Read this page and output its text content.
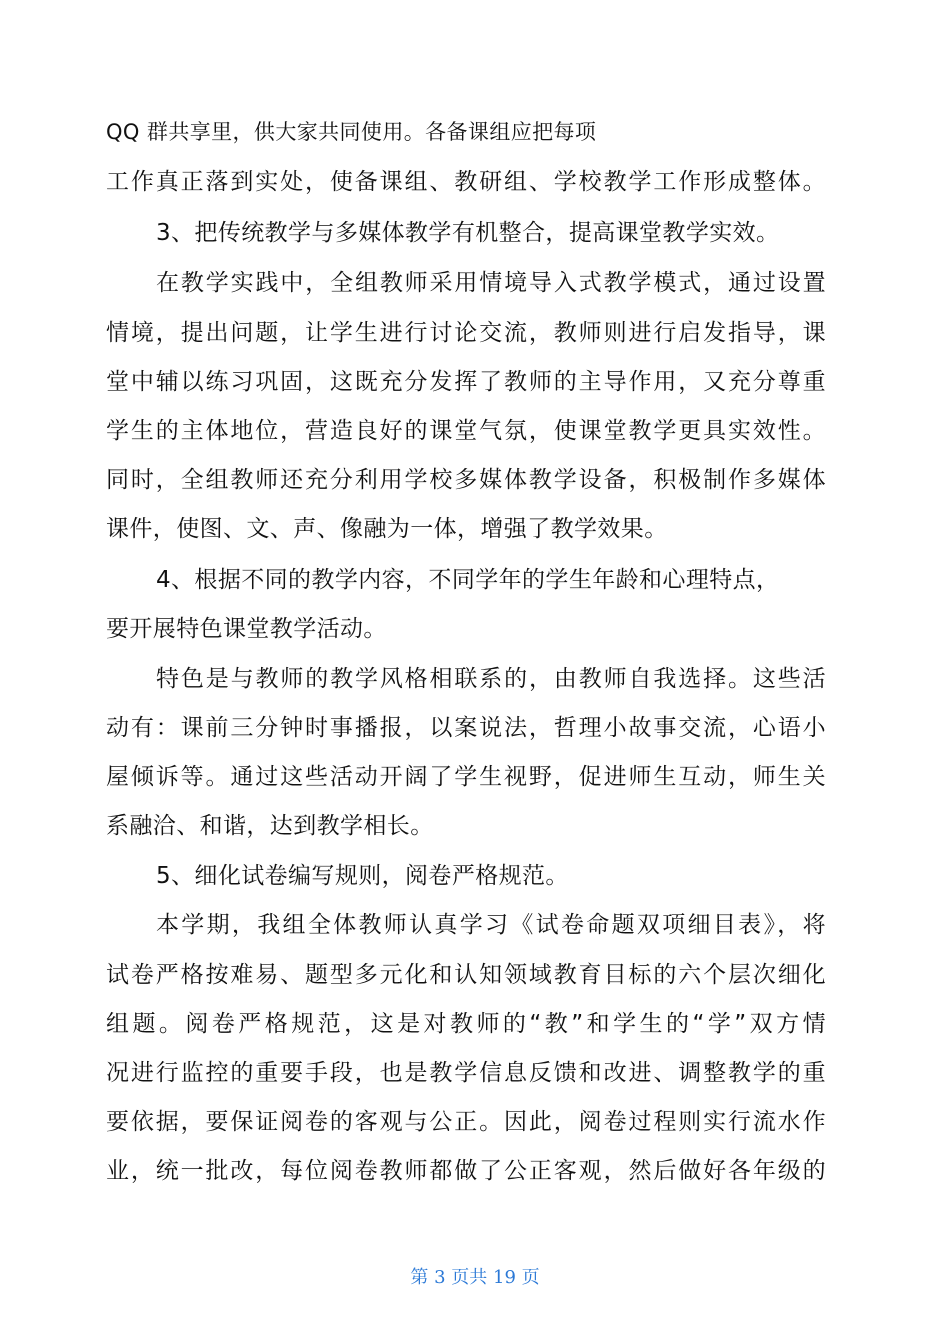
QQ 群共享里，供大家共同使用。各备课组应把每项
工作真正落到实处，使备课组、教研组、学校教学工作形成整体。
3、把传统教学与多媒体教学有机整合，提高课堂教学实效。
在教学实践中，全组教师采用情境导入式教学模式，通过设置
情境，提出问题，让学生进行讨论交流，教师则进行启发指导，课
堂中辅以练习巩固，这既充分发挥了教师的主导作用，又充分尊重
学生的主体地位，营造良好的课堂气氛，使课堂教学更具实效性。
同时，全组教师还充分利用学校多媒体教学设备，积极制作多媒体
课件，使图、文、声、像融为一体，增强了教学效果。
4、根据不同的教学内容，不同学年的学生年龄和心理特点，
要开展特色课堂教学活动。
特色是与教师的教学风格相联系的，由教师自我选择。这些活
动有：课前三分钟时事播报，以案说法，哲理小故事交流，心语小
屋倾诉等。通过这些活动开阔了学生视野，促进师生互动，师生关
系融洽、和谐，达到教学相长。
5、细化试卷编写规则，阅卷严格规范。
本学期，我组全体教师认真学习《试卷命题双项细目表》，将
试卷严格按难易、题型多元化和认知领域教育目标的六个层次细化
组题。阅卷严格规范，这是对教师的“教”和学生的“学”双方情
况进行监控的重要手段，也是教学信息反馈和改进、调整教学的重
要依据，要保证阅卷的客观与公正。因此，阅卷过程则实行流水作
业，统一批改，每位阅卷教师都做了公正客观，然后做好各年级的
第 3 页共 19 页
